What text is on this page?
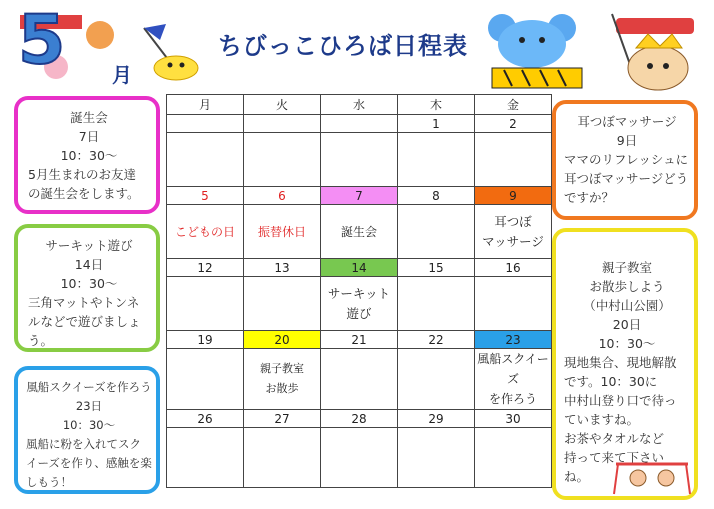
5 月
ちびっこひろば日程表
誕生会
7日
10：30～
5月生まれのお友達
の誕生会をします。
サーキット遊び
14日
10：30～
三角マットやトンネ
ルなどで遊びましょ
う。
風船スクイーズを作ろう
23日
10：30～
風船に粉を入れてスク
イーズを作り、感触を楽
しもう！
耳つぼマッサージ
9日
ママのリフレッシュに
耳つぼマッサージどう
ですか？
親子教室
お散歩しよう
（中村山公園）
20日
10：30～
現地集合、現地解散
です。10：30に
中村山登り口で待っ
ていますね。
お茶やタオルなど
持って来て下さい
ね。
月	火	水	木	金
			1	2

5	6	7	8	9
こどもの日	振替休日	誕生会		耳つぼ
マッサージ
12	13	14	15	16
		サーキット
遊び		
19	20	21	22	23
	親子教室
お散歩			風船スクイーズ
を作ろう
26	27	28	29	30
